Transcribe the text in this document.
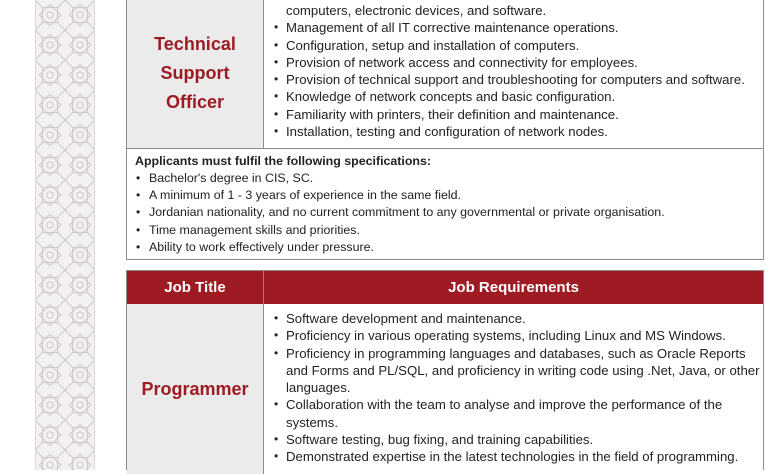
Technical
Support
Officer
• computers, electronic devices, and software.
• Management of all IT corrective maintenance operations.
• Configuration, setup and installation of computers.
• Provision of network access and connectivity for employees.
• Provision of technical support and troubleshooting for computers and software.
• Knowledge of network concepts and basic configuration.
• Familiarity with printers, their definition and maintenance.
• Installation, testing and configuration of network nodes.
Applicants must fulfil the following specifications:
• Bachelor's degree in CIS, SC.
• A minimum of 1 - 3 years of experience in the same field.
• Jordanian nationality, and no current commitment to any governmental or private organisation.
• Time management skills and priorities.
• Ability to work effectively under pressure.
Job Title	Job Requirements
Programmer
• Software development and maintenance.
• Proficiency in various operating systems, including Linux and MS Windows.
• Proficiency in programming languages and databases, such as Oracle Reports and Forms and PL/SQL, and proficiency in writing code using .Net, Java, or other languages.
• Collaboration with the team to analyse and improve the performance of the systems.
• Software testing, bug fixing, and training capabilities.
• Demonstrated expertise in the latest technologies in the field of programming.
